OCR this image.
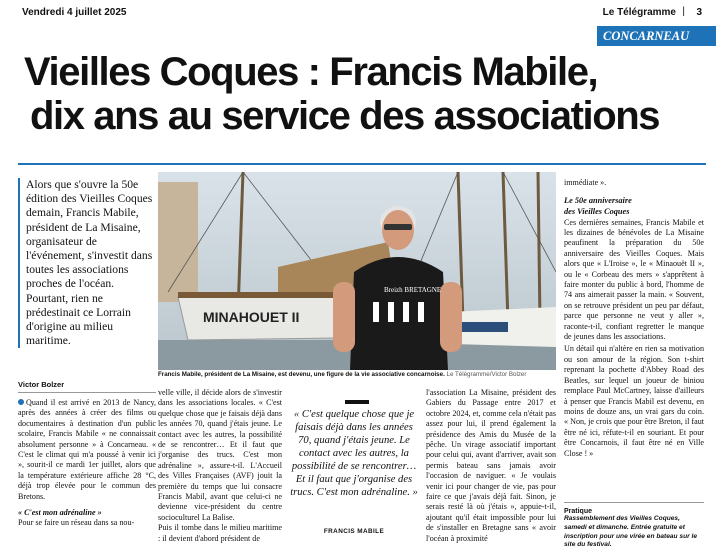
Vendredi 4 juillet 2025	Le Télégramme | 3
CONCARNEAU
Vieilles Coques : Francis Mabile,
dix ans au service des associations

Alors que s'ouvre la 50e édition des Vieilles Coques demain, Francis Mabile, président de La Misaine, organisateur de l'événement, s'investit dans toutes les associations proches de l'océan. Pourtant, rien ne prédestinait ce Lorrain d'origine au milieu maritime.

MINAHOUET II
Breizh BRETAGNE
Francis Mabile, président de La Misaine, est devenu, une figure de la vie associative concarnoise. Le Télégramme/Victor Bolzer
Victor Bolzer

Quand il est arrivé en 2013 de Nancy, après des années à créer des films ou documentaires à destination d'un public scolaire, Francis Mabile « ne connaissait absolument personne » à Concarneau. « C'est le climat qui m'a poussé à venir ici », sourit-il ce mardi 1er juillet, alors que la température extérieure affiche 28 °C, déjà trop élevée pour le commun des Bretons.

« C'est mon adrénaline »

Pour se faire un réseau dans sa nou-

velle ville, il décide alors de s'investir dans les associations locales. « C'est quelque chose que je faisais déjà dans les années 70, quand j'étais jeune. Le contact avec les autres, la possibilité de se rencontrer… Et il faut que j'organise des trucs. C'est mon adrénaline », assure-t-il. L'Accueil des Villes Françaises (AVF) jouit la première du temps que lui consacre Francis Mabil, avant que celui-ci ne devienne vice-président du centre socioculturel La Balise.

Puis il tombe dans le milieu maritime : il devient d'abord président de

« C'est quelque chose que je faisais déjà dans les années 70, quand j'étais jeune. Le contact avec les autres, la possibilité de se rencontrer… Et il faut que j'organise des trucs. C'est mon adrénaline. »
FRANCIS MABILE

l'association La Misaine, président des Gabiers du Passage entre 2017 et octobre 2024, et, comme cela n'était pas assez pour lui, il prend également la présidence des Amis du Musée de la pêche. Un virage associatif important pour celui qui, avant d'arriver, avait son permis bateau sans jamais avoir l'occasion de naviguer. « Je voulais venir ici pour changer de vie, pas pour faire ce que j'avais déjà fait. Sinon, je serais resté là où j'étais », appuie-t-il, ajoutant qu'il était impossible pour lui de s'installer en Bretagne sans « avoir l'océan à proximité

immédiate ».

Le 50e anniversaire

des Vieilles Coques

Ces dernières semaines, Francis Mabile et les dizaines de bénévoles de La Misaine peaufinent la préparation du 50e anniversaire des Vieilles Coques. Mais alors que « L'Iroise », le « Minaouët II », ou le « Corbeau des mers » s'apprêtent à faire monter du public à bord, l'homme de 74 ans aimerait passer la main. « Souvent, on se retrouve président un peu par défaut, parce que personne ne veut y aller », raconte-t-il, confiant regretter le manque de jeunes dans les associations.

Un détail qui n'altère en rien sa motivation ou son amour de la région. Son t-shirt reprenant la pochette d'Abbey Road des Beatles, sur lequel un joueur de biniou remplace Paul McCartney, laisse d'ailleurs à penser que Francis Mabil est devenu, en moins de douze ans, un vrai gars du coin. « Non, je crois que pour être Breton, il faut être né ici, réfute-t-il en souriant. Et pour être Concarnois, il faut être né en Ville Close ! »

Pratique

Rassemblement des Vieilles Coques, samedi et dimanche. Entrée gratuite et inscription pour une virée en bateau sur le site du festival.
